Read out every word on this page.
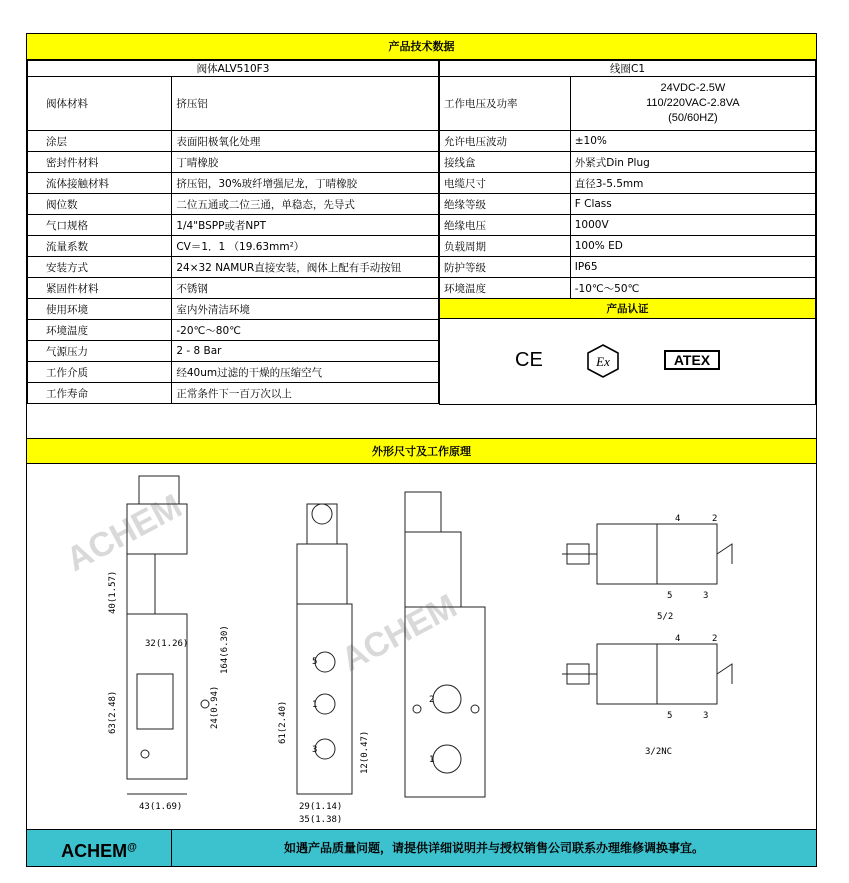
产品技术数据
阀体ALV510F3	
阀体材料	挤压铝
涂层	表面阳极氧化处理
密封件材料	丁晴橡胶
流体接触材料	挤压铝，30%玻纤增强尼龙，丁晴橡胶
阀位数	二位五通或二位三通，单稳态，先导式
气口规格	1/4"BSPP或者NPT
流量系数	CV＝1．1 （19.63mm²）
安装方式	24×32 NAMUR直接安装，阀体上配有手动按钮
紧固件材料	不锈钢
使用环境	室内外清洁环境
环境温度	-20℃～80℃
气源压力	2 - 8 Bar
工作介质	经40um过滤的干燥的压缩空气
工作寿命	正常条件下一百万次以上
线圈C1	
工作电压及功率	24VDC-2.5W
110/220VAC-2.8VA
(50/60HZ)

允许电压波动	±10%
接线盒	外紧式Din Plug
电缆尺寸	直径3-5.5mm
绝缘等级	F Class
绝缘电压	1000V
负载周期	100% ED
防护等级	IP65
环境温度	-10℃～50℃
产品认证	

CE Ex ATEX	
外形尺寸及工作原理
ACHEM
ACHEM
40(1.57)
32(1.26)	164(6.30)
63(2.48)	24(0.94)
43(1.69)
61(2.40)
12(0.47)
29(1.14)
35(1.38)
5
1
3
2
1
4	2
5	3
5/2
4	2
5	3
3/2NC
ACHEM@	如遇产品质量问题，请提供详细说明并与授权销售公司联系办理维修调换事宜。
